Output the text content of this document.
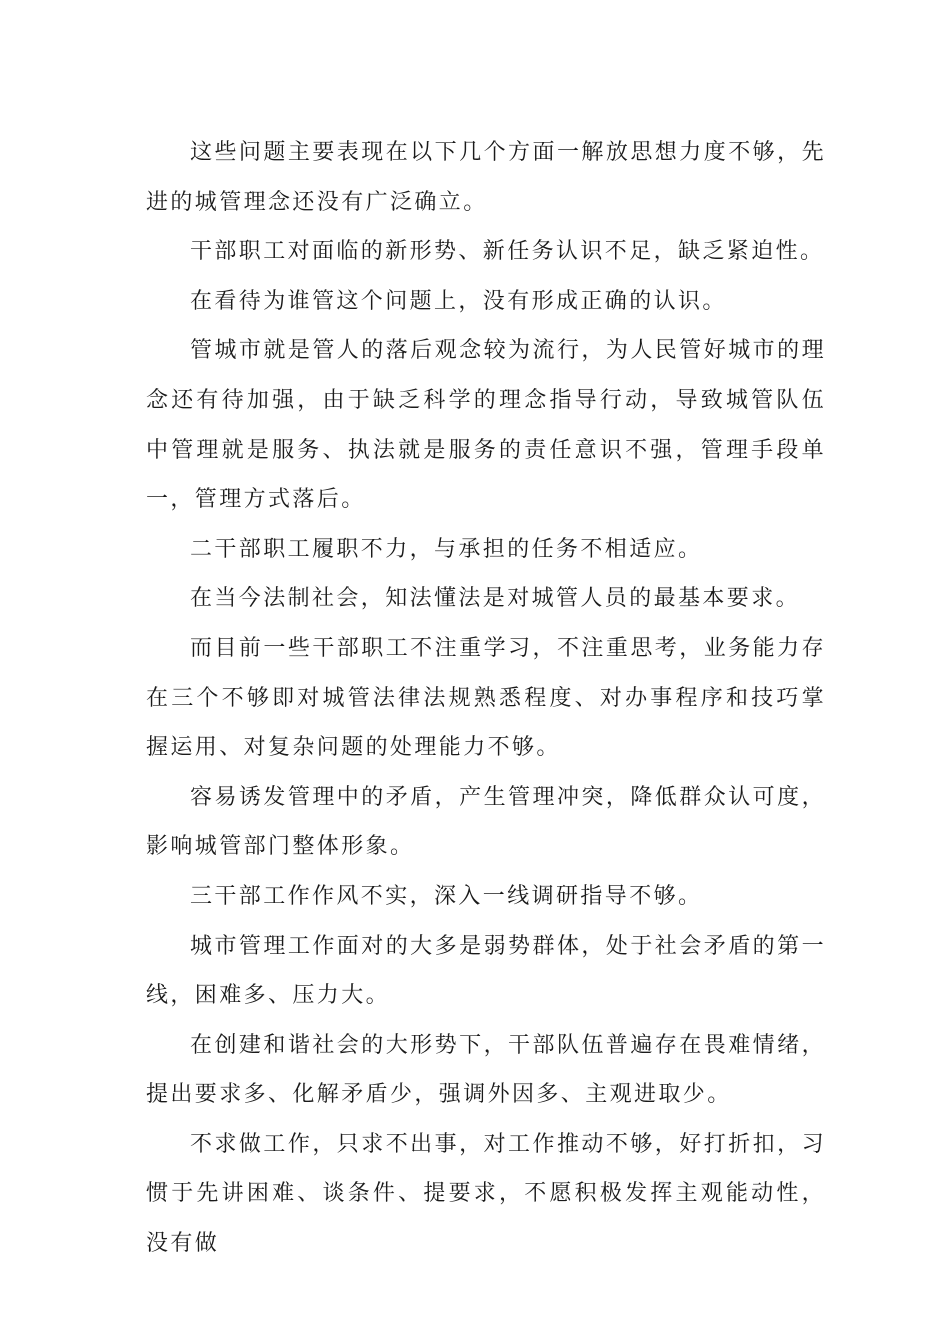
这些问题主要表现在以下几个方面一解放思想力度不够，先进的城管理念还没有广泛确立。

干部职工对面临的新形势、新任务认识不足，缺乏紧迫性。

在看待为谁管这个问题上，没有形成正确的认识。

管城市就是管人的落后观念较为流行，为人民管好城市的理念还有待加强，由于缺乏科学的理念指导行动，导致城管队伍中管理就是服务、执法就是服务的责任意识不强，管理手段单一，管理方式落后。

二干部职工履职不力，与承担的任务不相适应。

在当今法制社会，知法懂法是对城管人员的最基本要求。

而目前一些干部职工不注重学习，不注重思考，业务能力存在三个不够即对城管法律法规熟悉程度、对办事程序和技巧掌握运用、对复杂问题的处理能力不够。

容易诱发管理中的矛盾，产生管理冲突，降低群众认可度，影响城管部门整体形象。

三干部工作作风不实，深入一线调研指导不够。

城市管理工作面对的大多是弱势群体，处于社会矛盾的第一线，困难多、压力大。

在创建和谐社会的大形势下，干部队伍普遍存在畏难情绪，提出要求多、化解矛盾少，强调外因多、主观进取少。

不求做工作，只求不出事，对工作推动不够，好打折扣，习惯于先讲困难、谈条件、提要求，不愿积极发挥主观能动性，没有做
